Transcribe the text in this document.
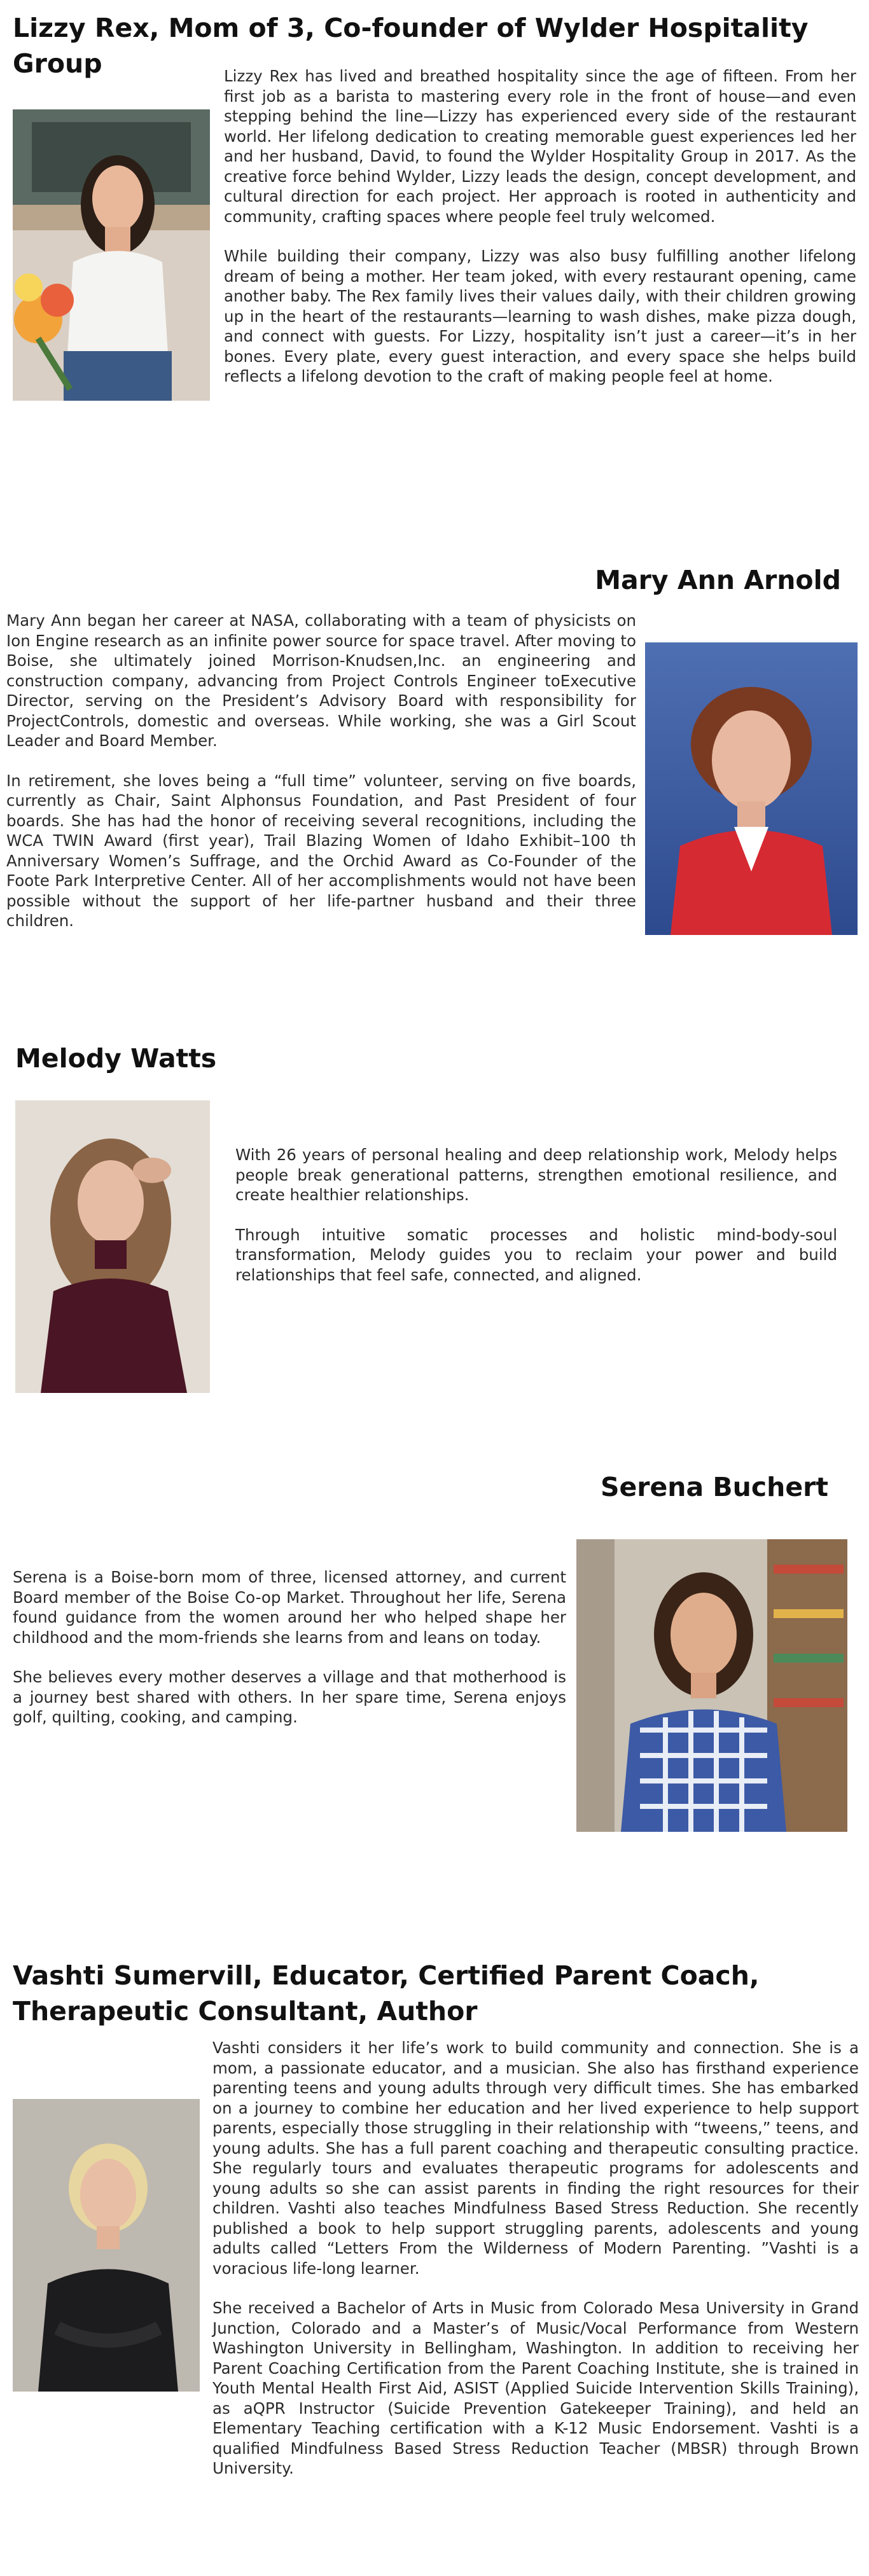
Lizzy Rex, Mom of 3, Co-founder of Wylder Hospitality Group	Lizzy Rex has lived and breathed hospitality since the age of fifteen. From her first job as a barista to mastering every role in the front of house—and even stepping behind the line—Lizzy has experienced every side of the restaurant world. Her lifelong dedication to creating memorable guest experiences led her and her husband, David, to found the Wylder Hospitality Group in 2017. As the creative force behind Wylder, Lizzy leads the design, concept development, and cultural direction for each project. Her approach is rooted in authenticity and community, crafting spaces where people feel truly welcomed.

While building their company, Lizzy was also busy fulfilling another lifelong dream of being a mother. Her team joked, with every restaurant opening, came another baby. The Rex family lives their values daily, with their children growing up in the heart of the restaurants—learning to wash dishes, make pizza dough, and connect with guests. For Lizzy, hospitality isn’t just a career—it’s in her bones. Every plate, every guest interaction, and every space she helps build reflects a lifelong devotion to the craft of making people feel at home.

Mary Ann Arnold

Mary Ann began her career at NASA, collaborating with a team of physicists on Ion Engine research as an infinite power source for space travel. After moving to Boise, she ultimately joined Morrison-Knudsen,Inc. an engineering and construction company, advancing from Project Controls Engineer toExecutive Director, serving on the President’s Advisory Board with responsibility for ProjectControls, domestic and overseas. While working, she was a Girl Scout Leader and Board Member.

In retirement, she loves being a “full time” volunteer, serving on five boards, currently as Chair, Saint Alphonsus Foundation, and Past President of four boards. She has had the honor of receiving several recognitions, including the WCA TWIN Award (first year), Trail Blazing Women of Idaho Exhibit–100 th Anniversary Women’s Suffrage, and the Orchid Award as Co-Founder of the Foote Park Interpretive Center. All of her accomplishments would not have been possible without the support of her life-partner husband and their three children.

Melody Watts

With 26 years of personal healing and deep relationship work, Melody helps people break generational patterns, strengthen emotional resilience, and create healthier relationships.

Through intuitive somatic processes and holistic mind-body-soul transformation, Melody guides you to reclaim your power and build relationships that feel safe, connected, and aligned.

Serena Buchert

Serena is a Boise-born mom of three, licensed attorney, and current Board member of the Boise Co-op Market. Throughout her life, Serena found guidance from the women around her who helped shape her childhood and the mom-friends she learns from and leans on today.

She believes every mother deserves a village and that motherhood is a journey best shared with others. In her spare time, Serena enjoys golf, quilting, cooking, and camping.

Vashti Sumervill, Educator, Certified Parent Coach, Therapeutic Consultant, Author

Vashti considers it her life’s work to build community and connection. She is a mom, a passionate educator, and a musician. She also has firsthand experience parenting teens and young adults through very difficult times. She has embarked on a journey to combine her education and her lived experience to help support parents, especially those struggling in their relationship with “tweens,” teens, and young adults. She has a full parent coaching and therapeutic consulting practice. She regularly tours and evaluates therapeutic programs for adolescents and young adults so she can assist parents in finding the right resources for their children. Vashti also teaches Mindfulness Based Stress Reduction. She recently published a book to help support struggling parents, adolescents and young adults called “Letters From the Wilderness of Modern Parenting. ”Vashti is a voracious life-long learner.

She received a Bachelor of Arts in Music from Colorado Mesa University in Grand Junction, Colorado and a Master’s of Music/Vocal Performance from Western Washington University in Bellingham, Washington. In addition to receiving her Parent Coaching Certification from the Parent Coaching Institute, she is trained in Youth Mental Health First Aid, ASIST (Applied Suicide Intervention Skills Training), as aQPR Instructor (Suicide Prevention Gatekeeper Training), and held an Elementary Teaching certification with a K-12 Music Endorsement. Vashti is a qualified Mindfulness Based Stress Reduction Teacher (MBSR) through Brown University.
